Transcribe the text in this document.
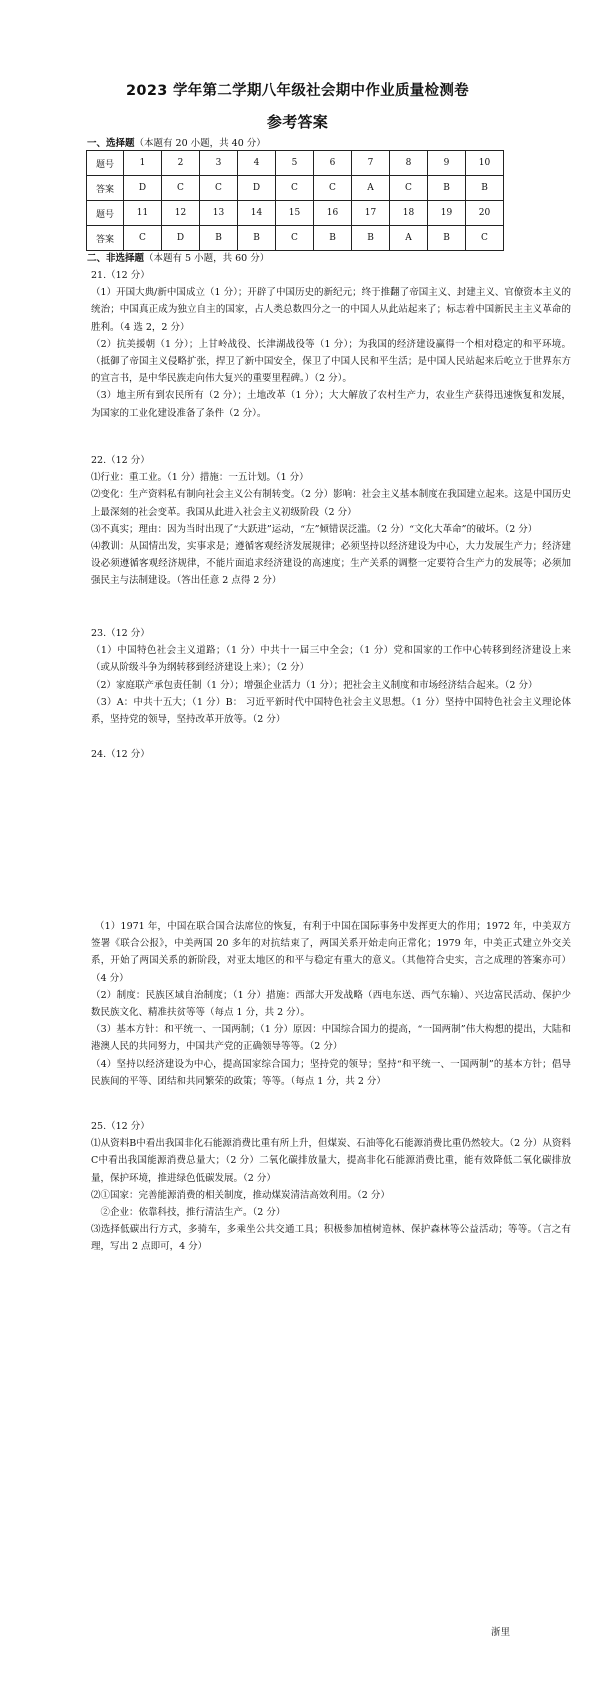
2023 学年第二学期八年级社会期中作业质量检测卷
参考答案
一、选择题（本题有 20 小题，共 40 分）
题号	1	2	3	4	5	6	7	8	9	10
答案	D	C	C	D	C	C	A	C	B	B
题号	11	12	13	14	15	16	17	18	19	20
答案	C	D	B	B	C	B	B	A	B	C
二、非选择题（本题有 5 小题，共 60 分）

21.（12 分）

（1）开国大典/新中国成立（1 分）；开辟了中国历史的新纪元；终于推翻了帝国主义、封建主义、官僚资本主义的统治；中国真正成为独立自主的国家，占人类总数四分之一的中国人从此站起来了；标志着中国新民主主义革命的胜利。（4 选 2，2 分）

（2）抗美援朝（1 分）；上甘岭战役、长津湖战役等（1 分）；为我国的经济建设赢得一个相对稳定的和平环境。（抵御了帝国主义侵略扩张，捍卫了新中国安全，保卫了中国人民和平生活；是中国人民站起来后屹立于世界东方的宣言书，是中华民族走向伟大复兴的重要里程碑。）（2 分）。

（3）地主所有到农民所有（2 分）；土地改革（1 分）；大大解放了农村生产力，农业生产获得迅速恢复和发展，为国家的工业化建设准备了条件（2 分）。

22.（12 分）

⑴行业：重工业。（1 分）措施：一五计划。（1 分）

⑵变化：生产资料私有制向社会主义公有制转变。（2 分）影响：社会主义基本制度在我国建立起来。这是中国历史上最深刻的社会变革。我国从此进入社会主义初级阶段（2 分）

⑶不真实；理由：因为当时出现了“大跃进”运动，“左”倾错误泛滥。（2 分）“文化大革命”的破坏。（2 分）

⑷教训：从国情出发，实事求是；遵循客观经济发展规律；必须坚持以经济建设为中心，大力发展生产力；经济建设必须遵循客观经济规律，不能片面追求经济建设的高速度；生产关系的调整一定要符合生产力的发展等；必须加强民主与法制建设。（答出任意 2 点得 2 分）

23.（12 分）

（1）中国特色社会主义道路；（1 分）中共十一届三中全会；（1 分）党和国家的工作中心转移到经济建设上来（或从阶级斗争为纲转移到经济建设上来）；（2 分）

（2）家庭联产承包责任制（1 分）；增强企业活力（1 分）；把社会主义制度和市场经济结合起来。（2 分）

（3）A：中共十五大；（1 分）B： 习近平新时代中国特色社会主义思想。（1 分）坚持中国特色社会主义理论体系，坚持党的领导，坚持改革开放等。（2 分）

24.（12 分）

（1）1971 年，中国在联合国合法席位的恢复，有利于中国在国际事务中发挥更大的作用；1972 年，中美双方签署《联合公报》，中美两国 20 多年的对抗结束了，两国关系开始走向正常化；1979 年，中美正式建立外交关系，开始了两国关系的新阶段，对亚太地区的和平与稳定有重大的意义。（其他符合史实，言之成理的答案亦可）（4 分）

（2）制度：民族区域自治制度；（1 分）措施：西部大开发战略（西电东送、西气东输）、兴边富民活动、保护少数民族文化、精准扶贫等等（每点 1 分，共 2 分）。

（3）基本方针：和平统一、一国两制；（1 分）原因：中国综合国力的提高，“一国两制”伟大构想的提出，大陆和港澳人民的共同努力，中国共产党的正确领导等等。（2 分）

（4）坚持以经济建设为中心，提高国家综合国力；坚持党的领导；坚持“和平统一、一国两制”的基本方针；倡导民族间的平等、团结和共同繁荣的政策；等等。（每点 1 分，共 2 分）

25.（12 分）

⑴从资料B中看出我国非化石能源消费比重有所上升，但煤炭、石油等化石能源消费比重仍然较大。（2 分）从资料C中看出我国能源消费总量大；（2 分）二氧化碳排放量大，提高非化石能源消费比重，能有效降低二氧化碳排放量，保护环境，推进绿色低碳发展。（2 分）

⑵①国家：完善能源消费的相关制度，推动煤炭清洁高效利用。（2 分）

　②企业：依靠科技，推行清洁生产。（2 分）

⑶选择低碳出行方式，多骑车，多乘坐公共交通工具；积极参加植树造林、保护森林等公益活动；等等。（言之有理，写出 2 点即可，4 分）

浙里
